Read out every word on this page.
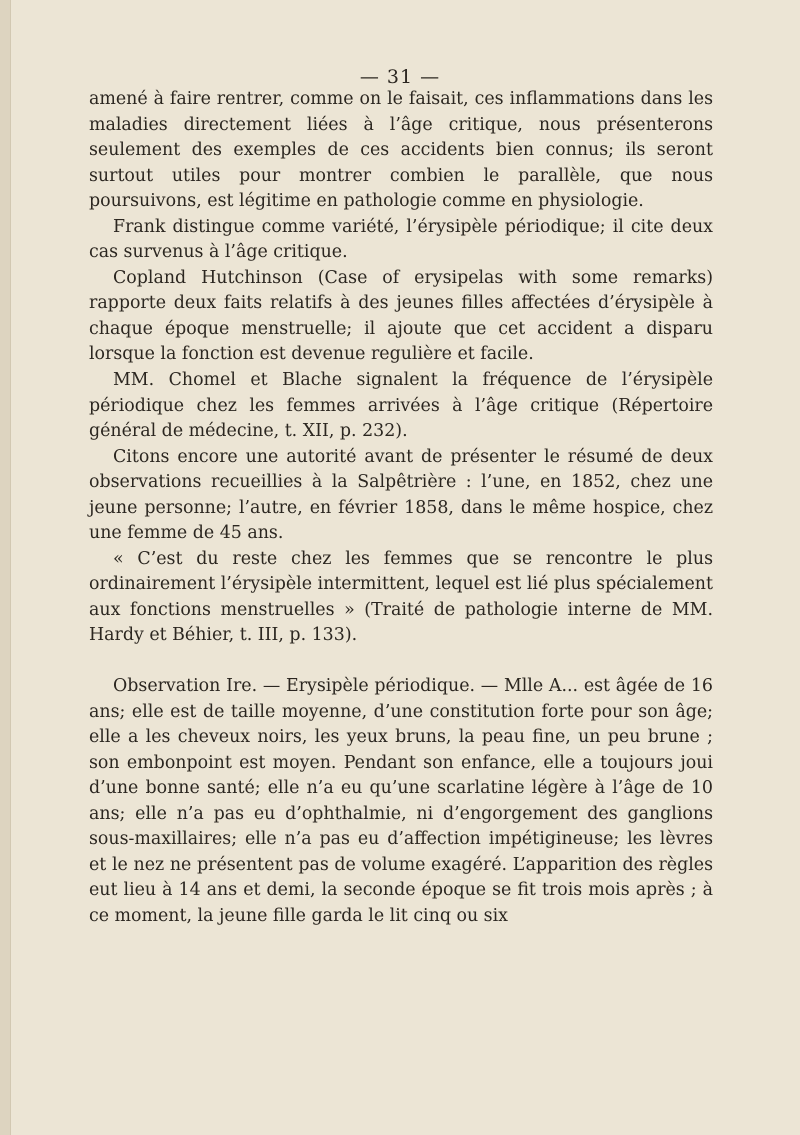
— 31 —

amené à faire rentrer, comme on le faisait, ces inflammations dans les maladies directement liées à l’âge critique, nous présenterons seulement des exemples de ces accidents bien connus; ils seront surtout utiles pour montrer combien le parallèle, que nous poursuivons, est légitime en pathologie comme en physiologie.

Frank distingue comme variété, l’érysipèle périodique; il cite deux cas survenus à l’âge critique.

Copland Hutchinson (Case of erysipelas with some remarks) rapporte deux faits relatifs à des jeunes filles affectées d’érysipèle à chaque époque menstruelle; il ajoute que cet accident a disparu lorsque la fonction est devenue regulière et facile.

MM. Chomel et Blache signalent la fréquence de l’érysipèle périodique chez les femmes arrivées à l’âge critique (Répertoire général de médecine, t. XII, p. 232).

Citons encore une autorité avant de présenter le résumé de deux observations recueillies à la Salpêtrière : l’une, en 1852, chez une jeune personne; l’autre, en février 1858, dans le même hospice, chez une femme de 45 ans.

« C’est du reste chez les femmes que se rencontre le plus ordinairement l’érysipèle intermittent, lequel est lié plus spécialement aux fonctions menstruelles » (Traité de pathologie interne de MM. Hardy et Béhier, t. III, p. 133).

Observation Ire. — Erysipèle périodique. — Mlle A... est âgée de 16 ans; elle est de taille moyenne, d’une constitution forte pour son âge; elle a les cheveux noirs, les yeux bruns, la peau fine, un peu brune ; son embonpoint est moyen. Pendant son enfance, elle a toujours joui d’une bonne santé; elle n’a eu qu’une scarlatine légère à l’âge de 10 ans; elle n’a pas eu d’ophthalmie, ni d’engorgement des ganglions sous-maxillaires; elle n’a pas eu d’affection impétigineuse; les lèvres et le nez ne présentent pas de volume exagéré. L’apparition des règles eut lieu à 14 ans et demi, la seconde époque se fit trois mois après ; à ce moment, la jeune fille garda le lit cinq ou six
